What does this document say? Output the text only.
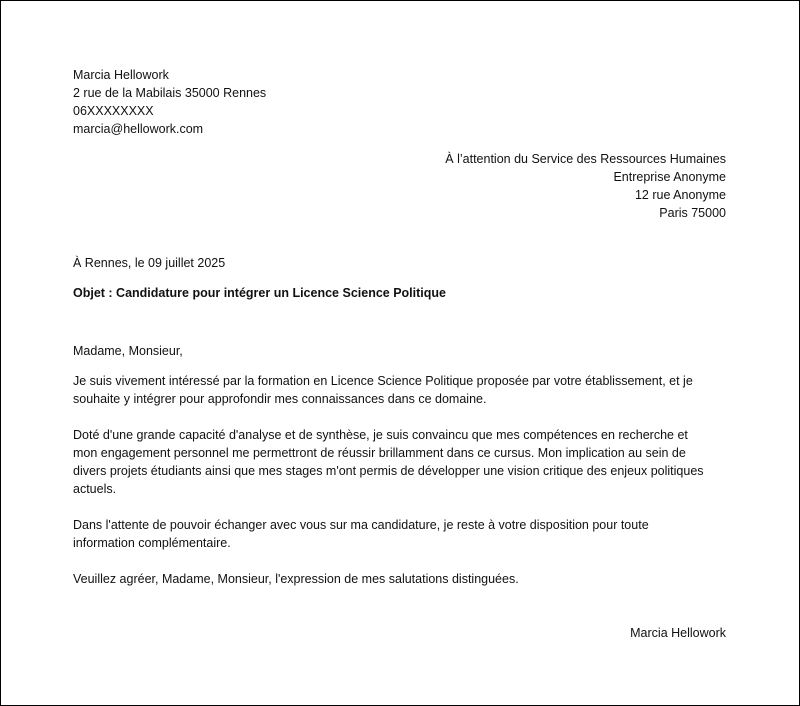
Marcia Hellowork
2 rue de la Mabilais 35000 Rennes
06XXXXXXXX
marcia@hellowork.com
À l’attention du Service des Ressources Humaines
Entreprise Anonyme
12 rue Anonyme
Paris 75000
À Rennes, le 09 juillet 2025
Objet : Candidature pour intégrer un Licence Science Politique
Madame, Monsieur,
Je suis vivement intéressé par la formation en Licence Science Politique proposée par votre établissement, et je
souhaite y intégrer pour approfondir mes connaissances dans ce domaine.
Doté d'une grande capacité d'analyse et de synthèse, je suis convaincu que mes compétences en recherche et
mon engagement personnel me permettront de réussir brillamment dans ce cursus. Mon implication au sein de
divers projets étudiants ainsi que mes stages m'ont permis de développer une vision critique des enjeux politiques
actuels.
Dans l'attente de pouvoir échanger avec vous sur ma candidature, je reste à votre disposition pour toute
information complémentaire.
Veuillez agréer, Madame, Monsieur, l'expression de mes salutations distinguées.
Marcia Hellowork
